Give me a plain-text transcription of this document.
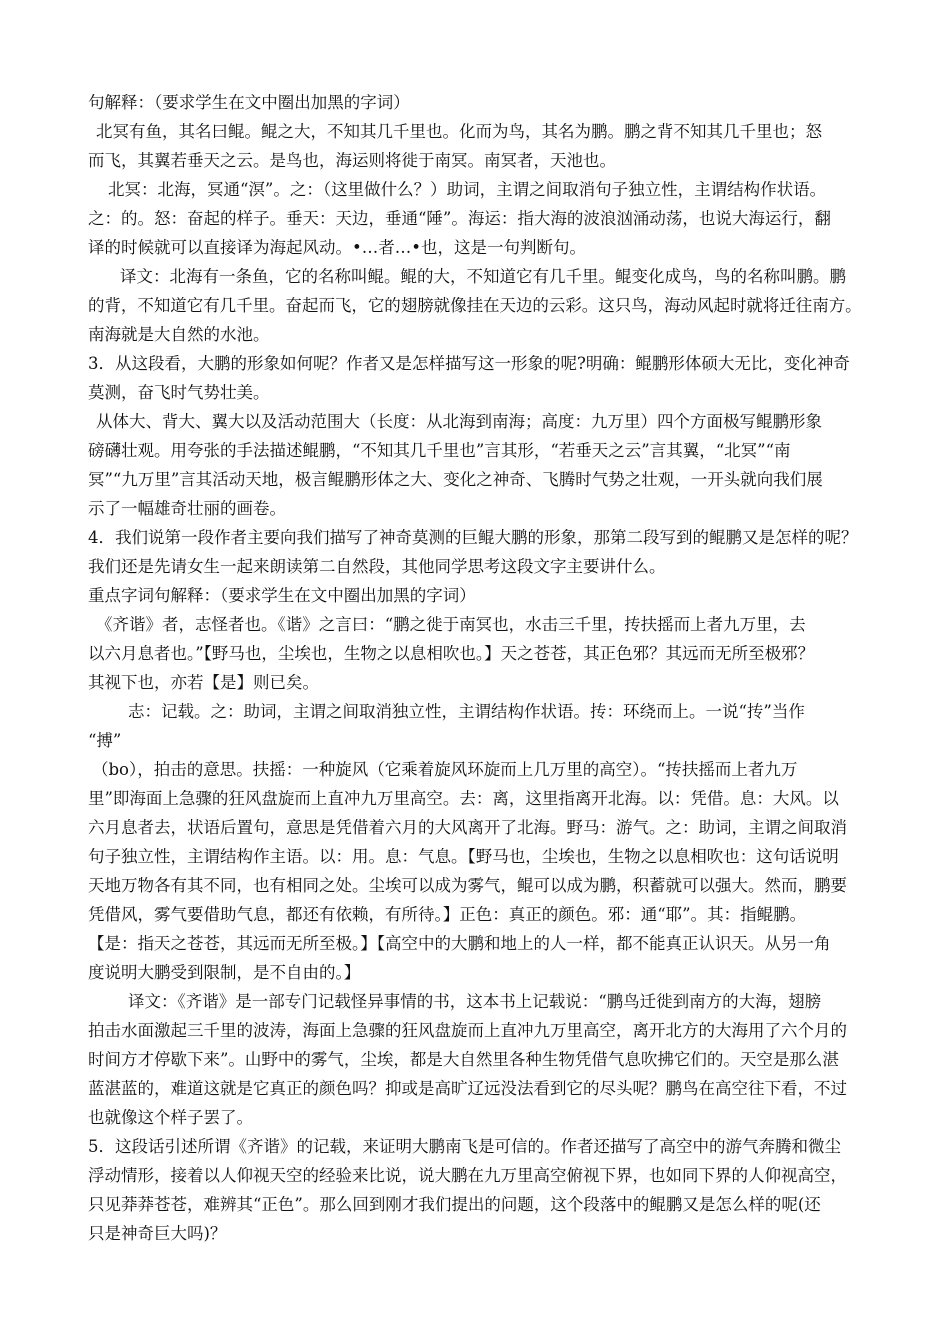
句解释：（要求学生在文中圈出加黑的字词）
北冥有鱼，其名曰鲲。鲲之大，不知其几千里也。化而为鸟，其名为鹏。鹏之背不知其几千里也；怒
而飞，其翼若垂天之云。是鸟也，海运则将徙于南冥。南冥者，天池也。
北冥：北海，冥通“溟”。之：（这里做什么？）助词，主谓之间取消句子独立性，主谓结构作状语。
之：的。怒：奋起的样子。垂天：天边，垂通“陲”。海运：指大海的波浪汹涌动荡，也说大海运行，翻
译的时候就可以直接译为海起风动。•…者…•也，这是一句判断句。
译文：北海有一条鱼，它的名称叫鲲。鲲的大，不知道它有几千里。鲲变化成鸟，鸟的名称叫鹏。鹏
的背，不知道它有几千里。奋起而飞，它的翅膀就像挂在天边的云彩。这只鸟，海动风起时就将迁往南方。
南海就是大自然的水池。
3．从这段看，大鹏的形象如何呢？作者又是怎样描写这一形象的呢?明确：鲲鹏形体硕大无比，变化神奇
莫测，奋飞时气势壮美。
从体大、背大、翼大以及活动范围大（长度：从北海到南海；高度：九万里）四个方面极写鲲鹏形象
磅礴壮观。用夸张的手法描述鲲鹏，“不知其几千里也”言其形，“若垂天之云”言其翼，“北冥”“南
冥”“九万里”言其活动天地，极言鲲鹏形体之大、变化之神奇、飞腾时气势之壮观，一开头就向我们展
示了一幅雄奇壮丽的画卷。
4．我们说第一段作者主要向我们描写了神奇莫测的巨鲲大鹏的形象，那第二段写到的鲲鹏又是怎样的呢？
我们还是先请女生一起来朗读第二自然段，其他同学思考这段文字主要讲什么。
重点字词句解释：（要求学生在文中圈出加黑的字词）
《齐谐》者，志怪者也。《谐》之言曰：“鹏之徙于南冥也，水击三千里，抟扶摇而上者九万里，去
以六月息者也。”【野马也，尘埃也，生物之以息相吹也。】天之苍苍，其正色邪？其远而无所至极邪？
其视下也，亦若【是】则已矣。
志：记载。之：助词，主谓之间取消独立性，主谓结构作状语。抟：环绕而上。一说“抟”当作
“搏”
（bo），拍击的意思。扶摇：一种旋风（它乘着旋风环旋而上几万里的高空）。“抟扶摇而上者九万
里”即海面上急骤的狂风盘旋而上直冲九万里高空。去：离，这里指离开北海。以：凭借。息：大风。以
六月息者去，状语后置句，意思是凭借着六月的大风离开了北海。野马：游气。之：助词，主谓之间取消
句子独立性，主谓结构作主语。以：用。息：气息。【野马也，尘埃也，生物之以息相吹也：这句话说明
天地万物各有其不同，也有相同之处。尘埃可以成为雾气，鲲可以成为鹏，积蓄就可以强大。然而，鹏要
凭借风，雾气要借助气息，都还有依赖，有所待。】正色：真正的颜色。邪：通“耶”。其：指鲲鹏。
【是：指天之苍苍，其远而无所至极。】【高空中的大鹏和地上的人一样，都不能真正认识天。从另一角
度说明大鹏受到限制，是不自由的。】
译文：《齐谐》是一部专门记载怪异事情的书，这本书上记载说：“鹏鸟迁徙到南方的大海，翅膀
拍击水面激起三千里的波涛，海面上急骤的狂风盘旋而上直冲九万里高空，离开北方的大海用了六个月的
时间方才停歇下来”。山野中的雾气，尘埃，都是大自然里各种生物凭借气息吹拂它们的。天空是那么湛
蓝湛蓝的，难道这就是它真正的颜色吗？抑或是高旷辽远没法看到它的尽头呢？鹏鸟在高空往下看，不过
也就像这个样子罢了。
5．这段话引述所谓《齐谐》的记载，来证明大鹏南飞是可信的。作者还描写了高空中的游气奔腾和微尘
浮动情形，接着以人仰视天空的经验来比说，说大鹏在九万里高空俯视下界，也如同下界的人仰视高空，
只见莽莽苍苍，难辨其“正色”。那么回到刚才我们提出的问题，这个段落中的鲲鹏又是怎么样的呢(还
只是神奇巨大吗)？
